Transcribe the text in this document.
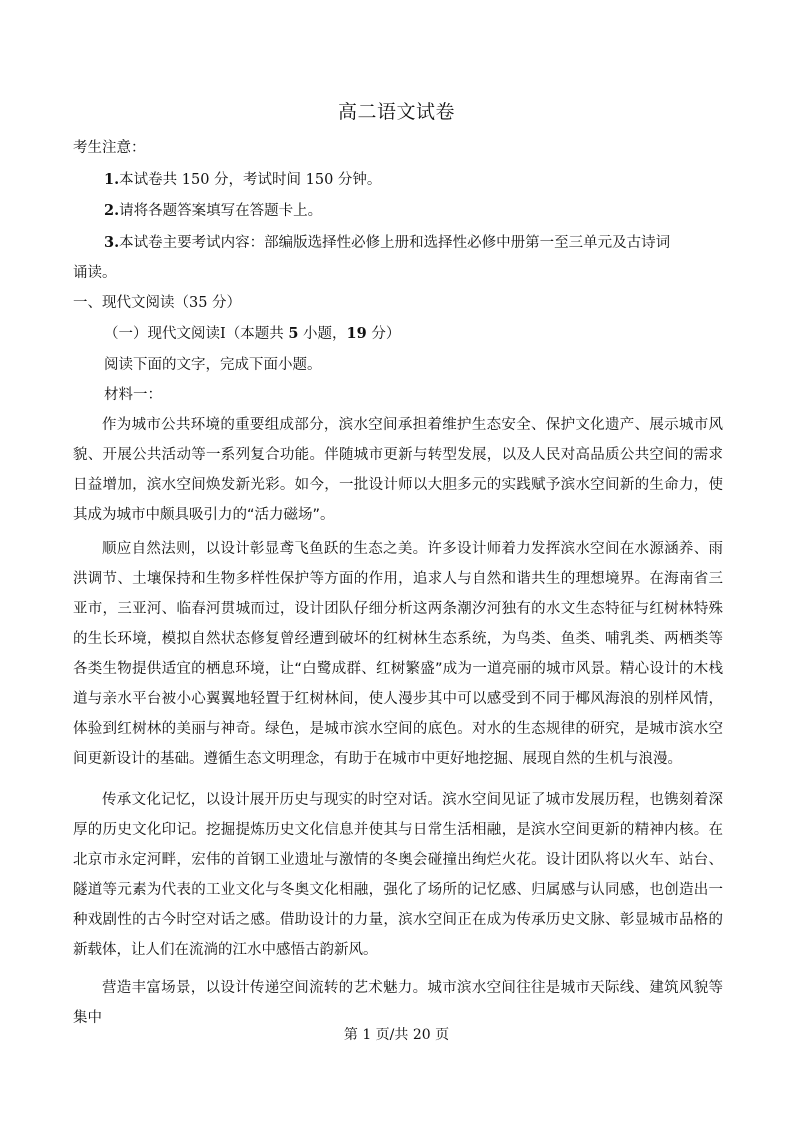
高二语文试卷
考生注意：
1.本试卷共 150 分，考试时间 150 分钟。
2.请将各题答案填写在答题卡上。
3.本试卷主要考试内容：部编版选择性必修上册和选择性必修中册第一至三单元及古诗词
诵读。
一、现代文阅读（35 分）
（一）现代文阅读Ⅰ（本题共 5 小题，19 分）
阅读下面的文字，完成下面小题。
材料一：
作为城市公共环境的重要组成部分，滨水空间承担着维护生态安全、保护文化遗产、展示城市风貌、开展公共活动等一系列复合功能。伴随城市更新与转型发展，以及人民对高品质公共空间的需求日益增加，滨水空间焕发新光彩。如今，一批设计师以大胆多元的实践赋予滨水空间新的生命力，使其成为城市中颇具吸引力的“活力磁场”。
顺应自然法则，以设计彰显鸢飞鱼跃的生态之美。许多设计师着力发挥滨水空间在水源涵养、雨洪调节、土壤保持和生物多样性保护等方面的作用，追求人与自然和谐共生的理想境界。在海南省三亚市，三亚河、临春河贯城而过，设计团队仔细分析这两条潮汐河独有的水文生态特征与红树林特殊的生长环境，模拟自然状态修复曾经遭到破坏的红树林生态系统，为鸟类、鱼类、哺乳类、两栖类等各类生物提供适宜的栖息环境，让“白鹭成群、红树繁盛”成为一道亮丽的城市风景。精心设计的木栈道与亲水平台被小心翼翼地轻置于红树林间，使人漫步其中可以感受到不同于椰风海浪的别样风情，体验到红树林的美丽与神奇。绿色，是城市滨水空间的底色。对水的生态规律的研究，是城市滨水空间更新设计的基础。遵循生态文明理念，有助于在城市中更好地挖掘、展现自然的生机与浪漫。
传承文化记忆，以设计展开历史与现实的时空对话。滨水空间见证了城市发展历程，也镌刻着深厚的历史文化印记。挖掘提炼历史文化信息并使其与日常生活相融，是滨水空间更新的精神内核。在北京市永定河畔，宏伟的首钢工业遗址与激情的冬奥会碰撞出绚烂火花。设计团队将以火车、站台、隧道等元素为代表的工业文化与冬奥文化相融，强化了场所的记忆感、归属感与认同感，也创造出一种戏剧性的古今时空对话之感。借助设计的力量，滨水空间正在成为传承历史文脉、彰显城市品格的新载体，让人们在流淌的江水中感悟古韵新风。
营造丰富场景，以设计传递空间流转的艺术魅力。城市滨水空间往往是城市天际线、建筑风貌等集中
第 1 页/共 20 页
